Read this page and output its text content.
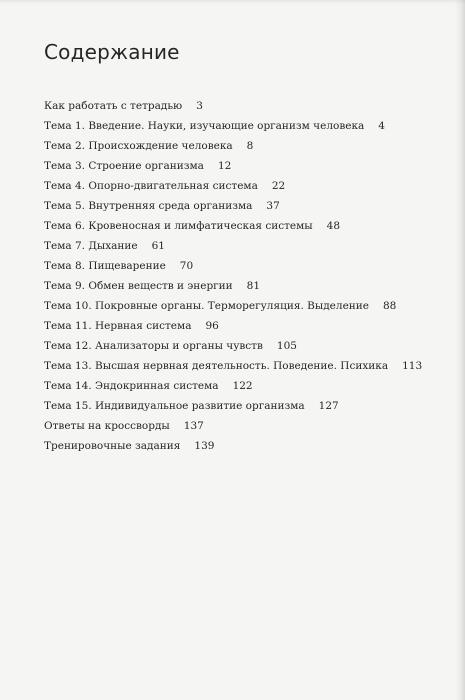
Содержание
Как работать с тетрадью 3
Тема 1. Введение. Науки, изучающие организм человека 4
Тема 2. Происхождение человека 8
Тема 3. Строение организма 12
Тема 4. Опорно-двигательная система 22
Тема 5. Внутренняя среда организма 37
Тема 6. Кровеносная и лимфатическая системы 48
Тема 7. Дыхание 61
Тема 8. Пищеварение 70
Тема 9. Обмен веществ и энергии 81
Тема 10. Покровные органы. Терморегуляция. Выделение 88
Тема 11. Нервная система 96
Тема 12. Анализаторы и органы чувств 105
Тема 13. Высшая нервная деятельность. Поведение. Психика 113
Тема 14. Эндокринная система 122
Тема 15. Индивидуальное развитие организма 127
Ответы на кроссворды 137
Тренировочные задания 139
